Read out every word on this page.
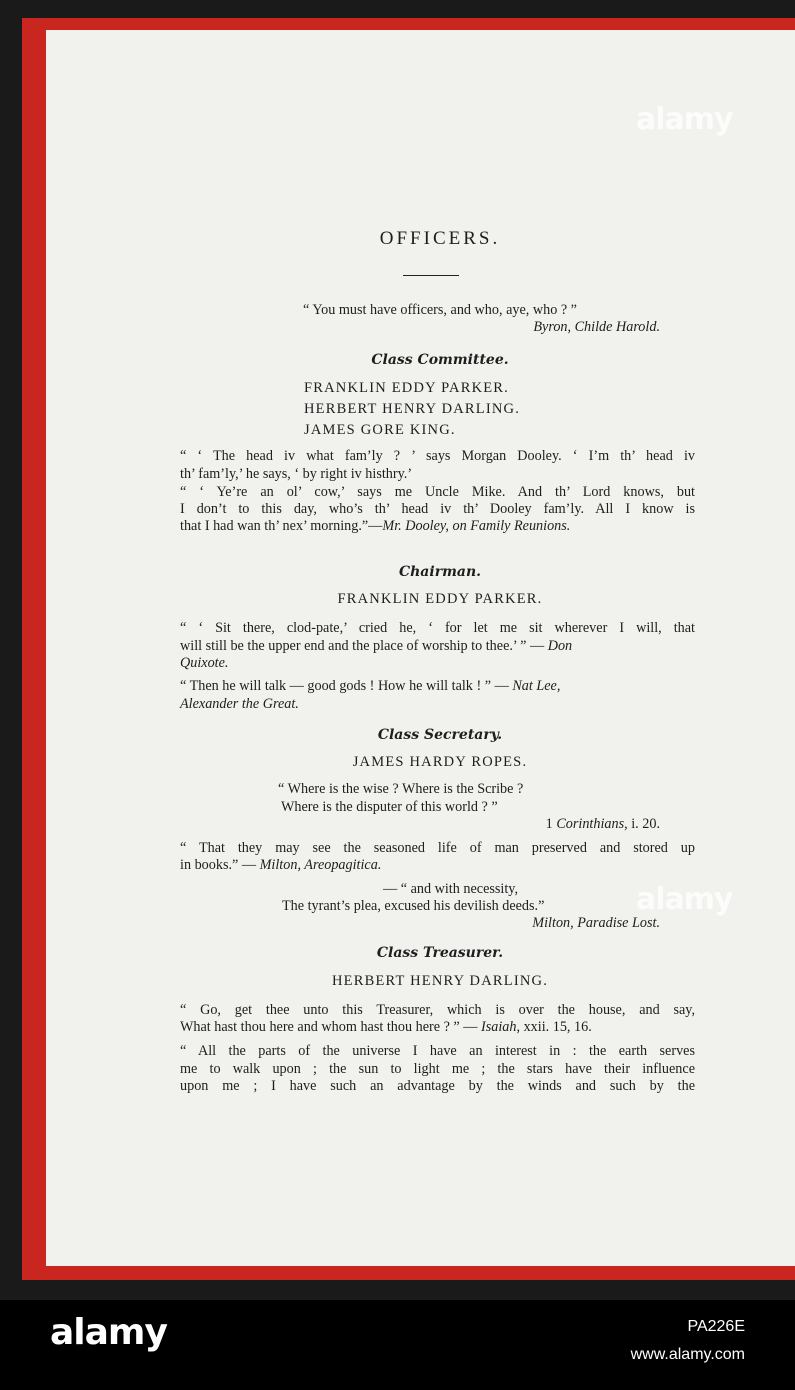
OFFICERS.
“ You must have officers, and who, aye, who ? ”
Byron, Childe Harold.
Class Committee.
FRANKLIN EDDY PARKER.
HERBERT HENRY DARLING.
JAMES GORE KING.
“ ‘ The head iv what fam’ly ? ’ says Morgan Dooley. ‘ I’m th’ head iv
th’ fam’ly,’ he says, ‘ by right iv histhry.’
“ ‘ Ye’re an ol’ cow,’ says me Uncle Mike. And th’ Lord knows, but
I don’t to this day, who’s th’ head iv th’ Dooley fam’ly. All I know is
that I had wan th’ nex’ morning.”—Mr. Dooley, on Family Reunions.
Chairman.
FRANKLIN EDDY PARKER.
“ ‘ Sit there, clod-pate,’ cried he, ‘ for let me sit wherever I will, that
will still be the upper end and the place of worship to thee.’ ” — Don
Quixote.
“ Then he will talk — good gods ! How he will talk ! ” — Nat Lee,
Alexander the Great.
Class Secretary.
JAMES HARDY ROPES.
“ Where is the wise ? Where is the Scribe ?
Where is the disputer of this world ? ”
1 Corinthians, i. 20.
“ That they may see the seasoned life of man preserved and stored up
in books.” — Milton, Areopagitica.
— “ and with necessity,
The tyrant’s plea, excused his devilish deeds.”
Milton, Paradise Lost.
Class Treasurer.
HERBERT HENRY DARLING.
“ Go, get thee unto this Treasurer, which is over the house, and say,
What hast thou here and whom hast thou here ? ” — Isaiah, xxii. 15, 16.
“ All the parts of the universe I have an interest in : the earth serves
me to walk upon ; the sun to light me ; the stars have their influence
upon me ; I have such an advantage by the winds and such by the
alamy
alamy
alamy	PA226E
www.alamy.com
